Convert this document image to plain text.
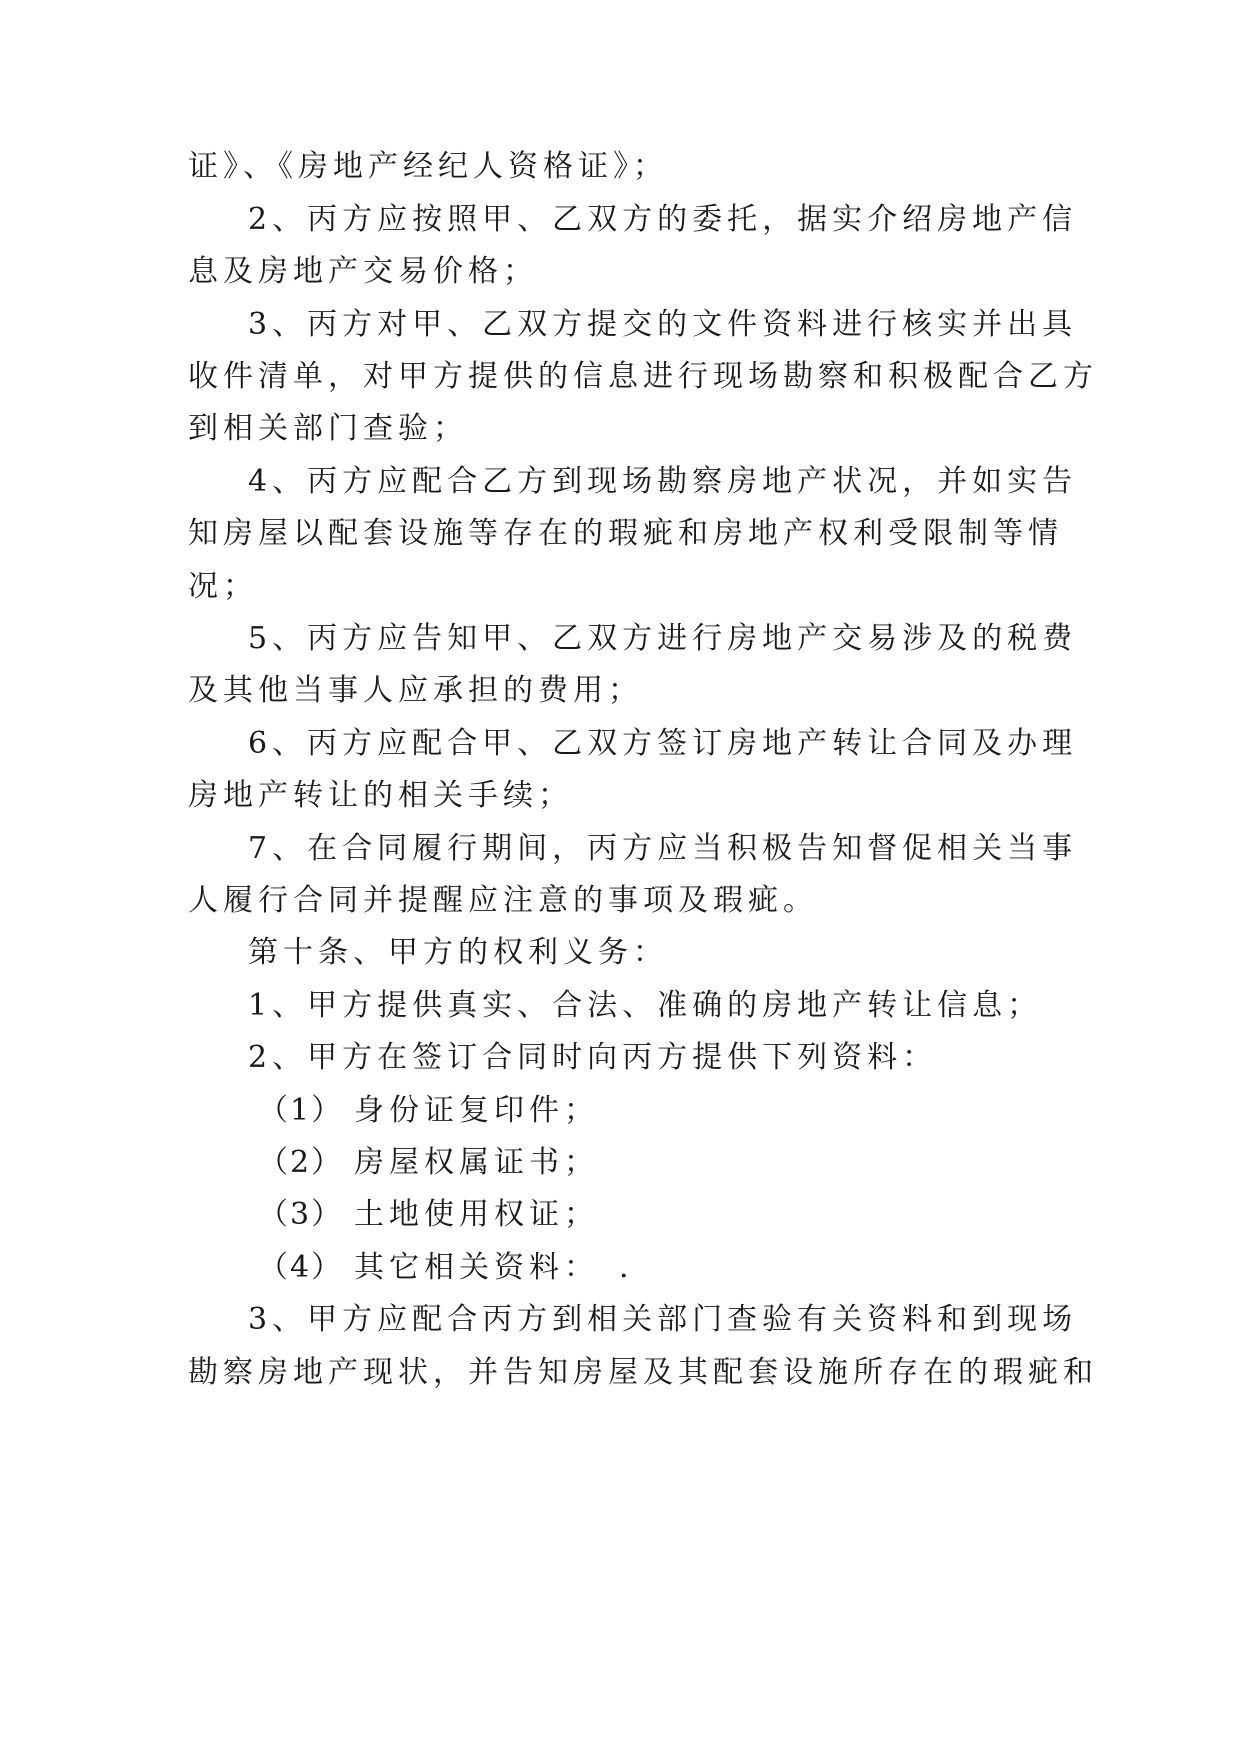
证》、《房地产经纪人资格证》；
2、丙方应按照甲、乙双方的委托，据实介绍房地产信
息及房地产交易价格；
3、丙方对甲、乙双方提交的文件资料进行核实并出具
收件清单，对甲方提供的信息进行现场勘察和积极配合乙方
到相关部门查验；
4、丙方应配合乙方到现场勘察房地产状况，并如实告
知房屋以配套设施等存在的瑕疵和房地产权利受限制等情
况；
5、丙方应告知甲、乙双方进行房地产交易涉及的税费
及其他当事人应承担的费用；
6、丙方应配合甲、乙双方签订房地产转让合同及办理
房地产转让的相关手续；
7、在合同履行期间，丙方应当积极告知督促相关当事
人履行合同并提醒应注意的事项及瑕疵。
第十条、甲方的权利义务：
1、甲方提供真实、合法、准确的房地产转让信息；
2、甲方在签订合同时向丙方提供下列资料：
（1） 身份证复印件；
（2） 房屋权属证书；
（3） 土地使用权证；
（4） 其它相关资料：　.
3、甲方应配合丙方到相关部门查验有关资料和到现场
勘察房地产现状，并告知房屋及其配套设施所存在的瑕疵和
